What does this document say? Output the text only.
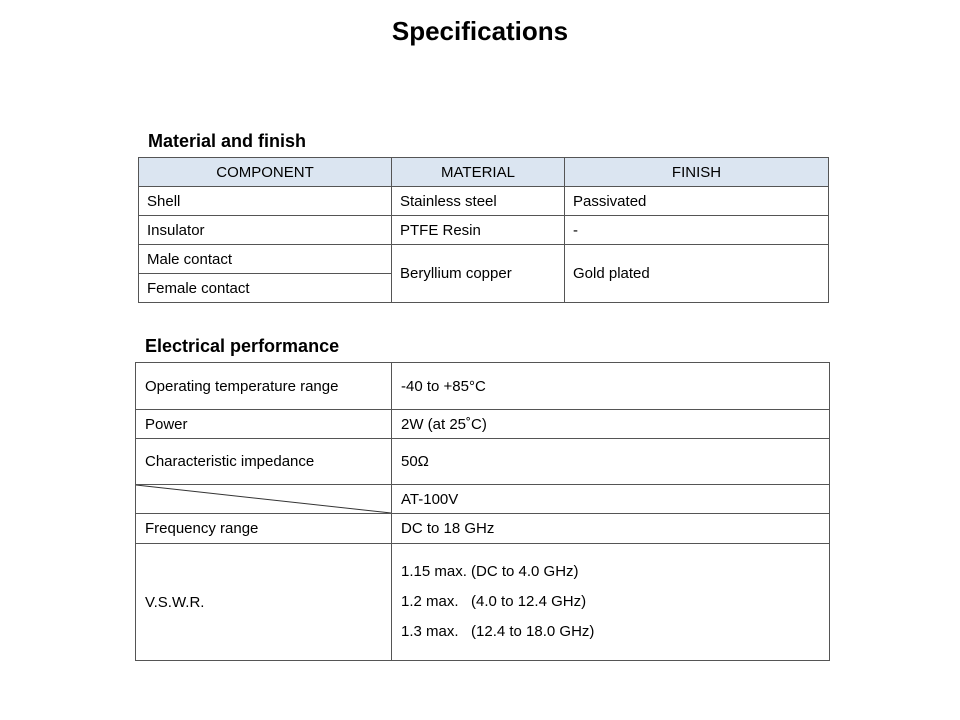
Specifications
Material and finish
COMPONENT	MATERIAL	FINISH
Shell	Stainless steel	Passivated
Insulator	PTFE Resin	-
Male contact	Beryllium copper	Gold plated
Female contact		
Electrical performance
Operating temperature range	-40 to +85°C
Power	2W (at 25˚C)
Characteristic impedance	50Ω

	AT-100V
Frequency range	DC to 18 GHz
V.S.W.R.	1.15 max. (DC to 4.0 GHz)
1.2 max.   (4.0 to 12.4 GHz)
1.3 max.   (12.4 to 18.0 GHz)
